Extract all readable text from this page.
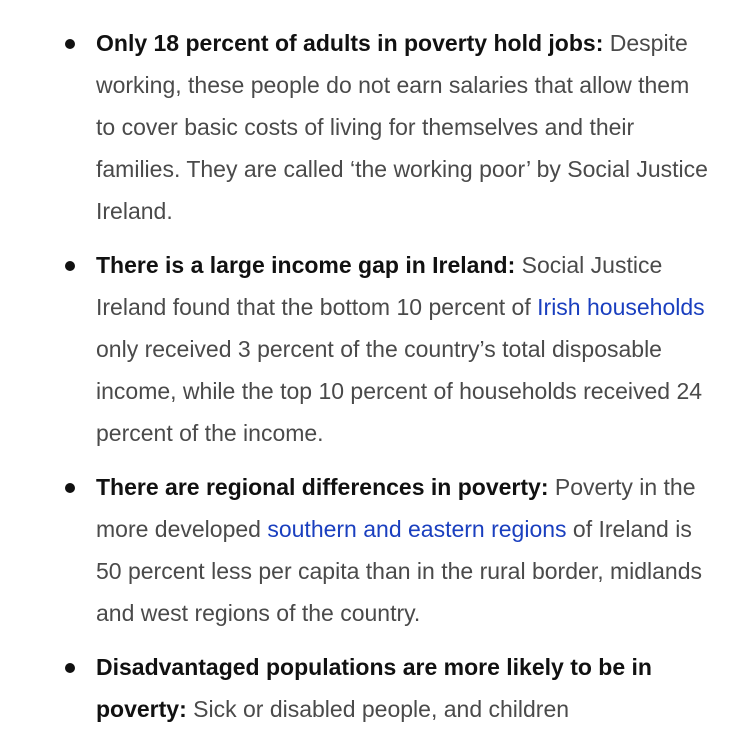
Only 18 percent of adults in poverty hold jobs: Despite working, these people do not earn salaries that allow them to cover basic costs of living for themselves and their families. They are called ‘the working poor’ by Social Justice Ireland.
There is a large income gap in Ireland: Social Justice Ireland found that the bottom 10 percent of Irish households only received 3 percent of the country’s total disposable income, while the top 10 percent of households received 24 percent of the income.
There are regional differences in poverty: Poverty in the more developed southern and eastern regions of Ireland is 50 percent less per capita than in the rural border, midlands and west regions of the country.
Disadvantaged populations are more likely to be in poverty: Sick or disabled people, and children
